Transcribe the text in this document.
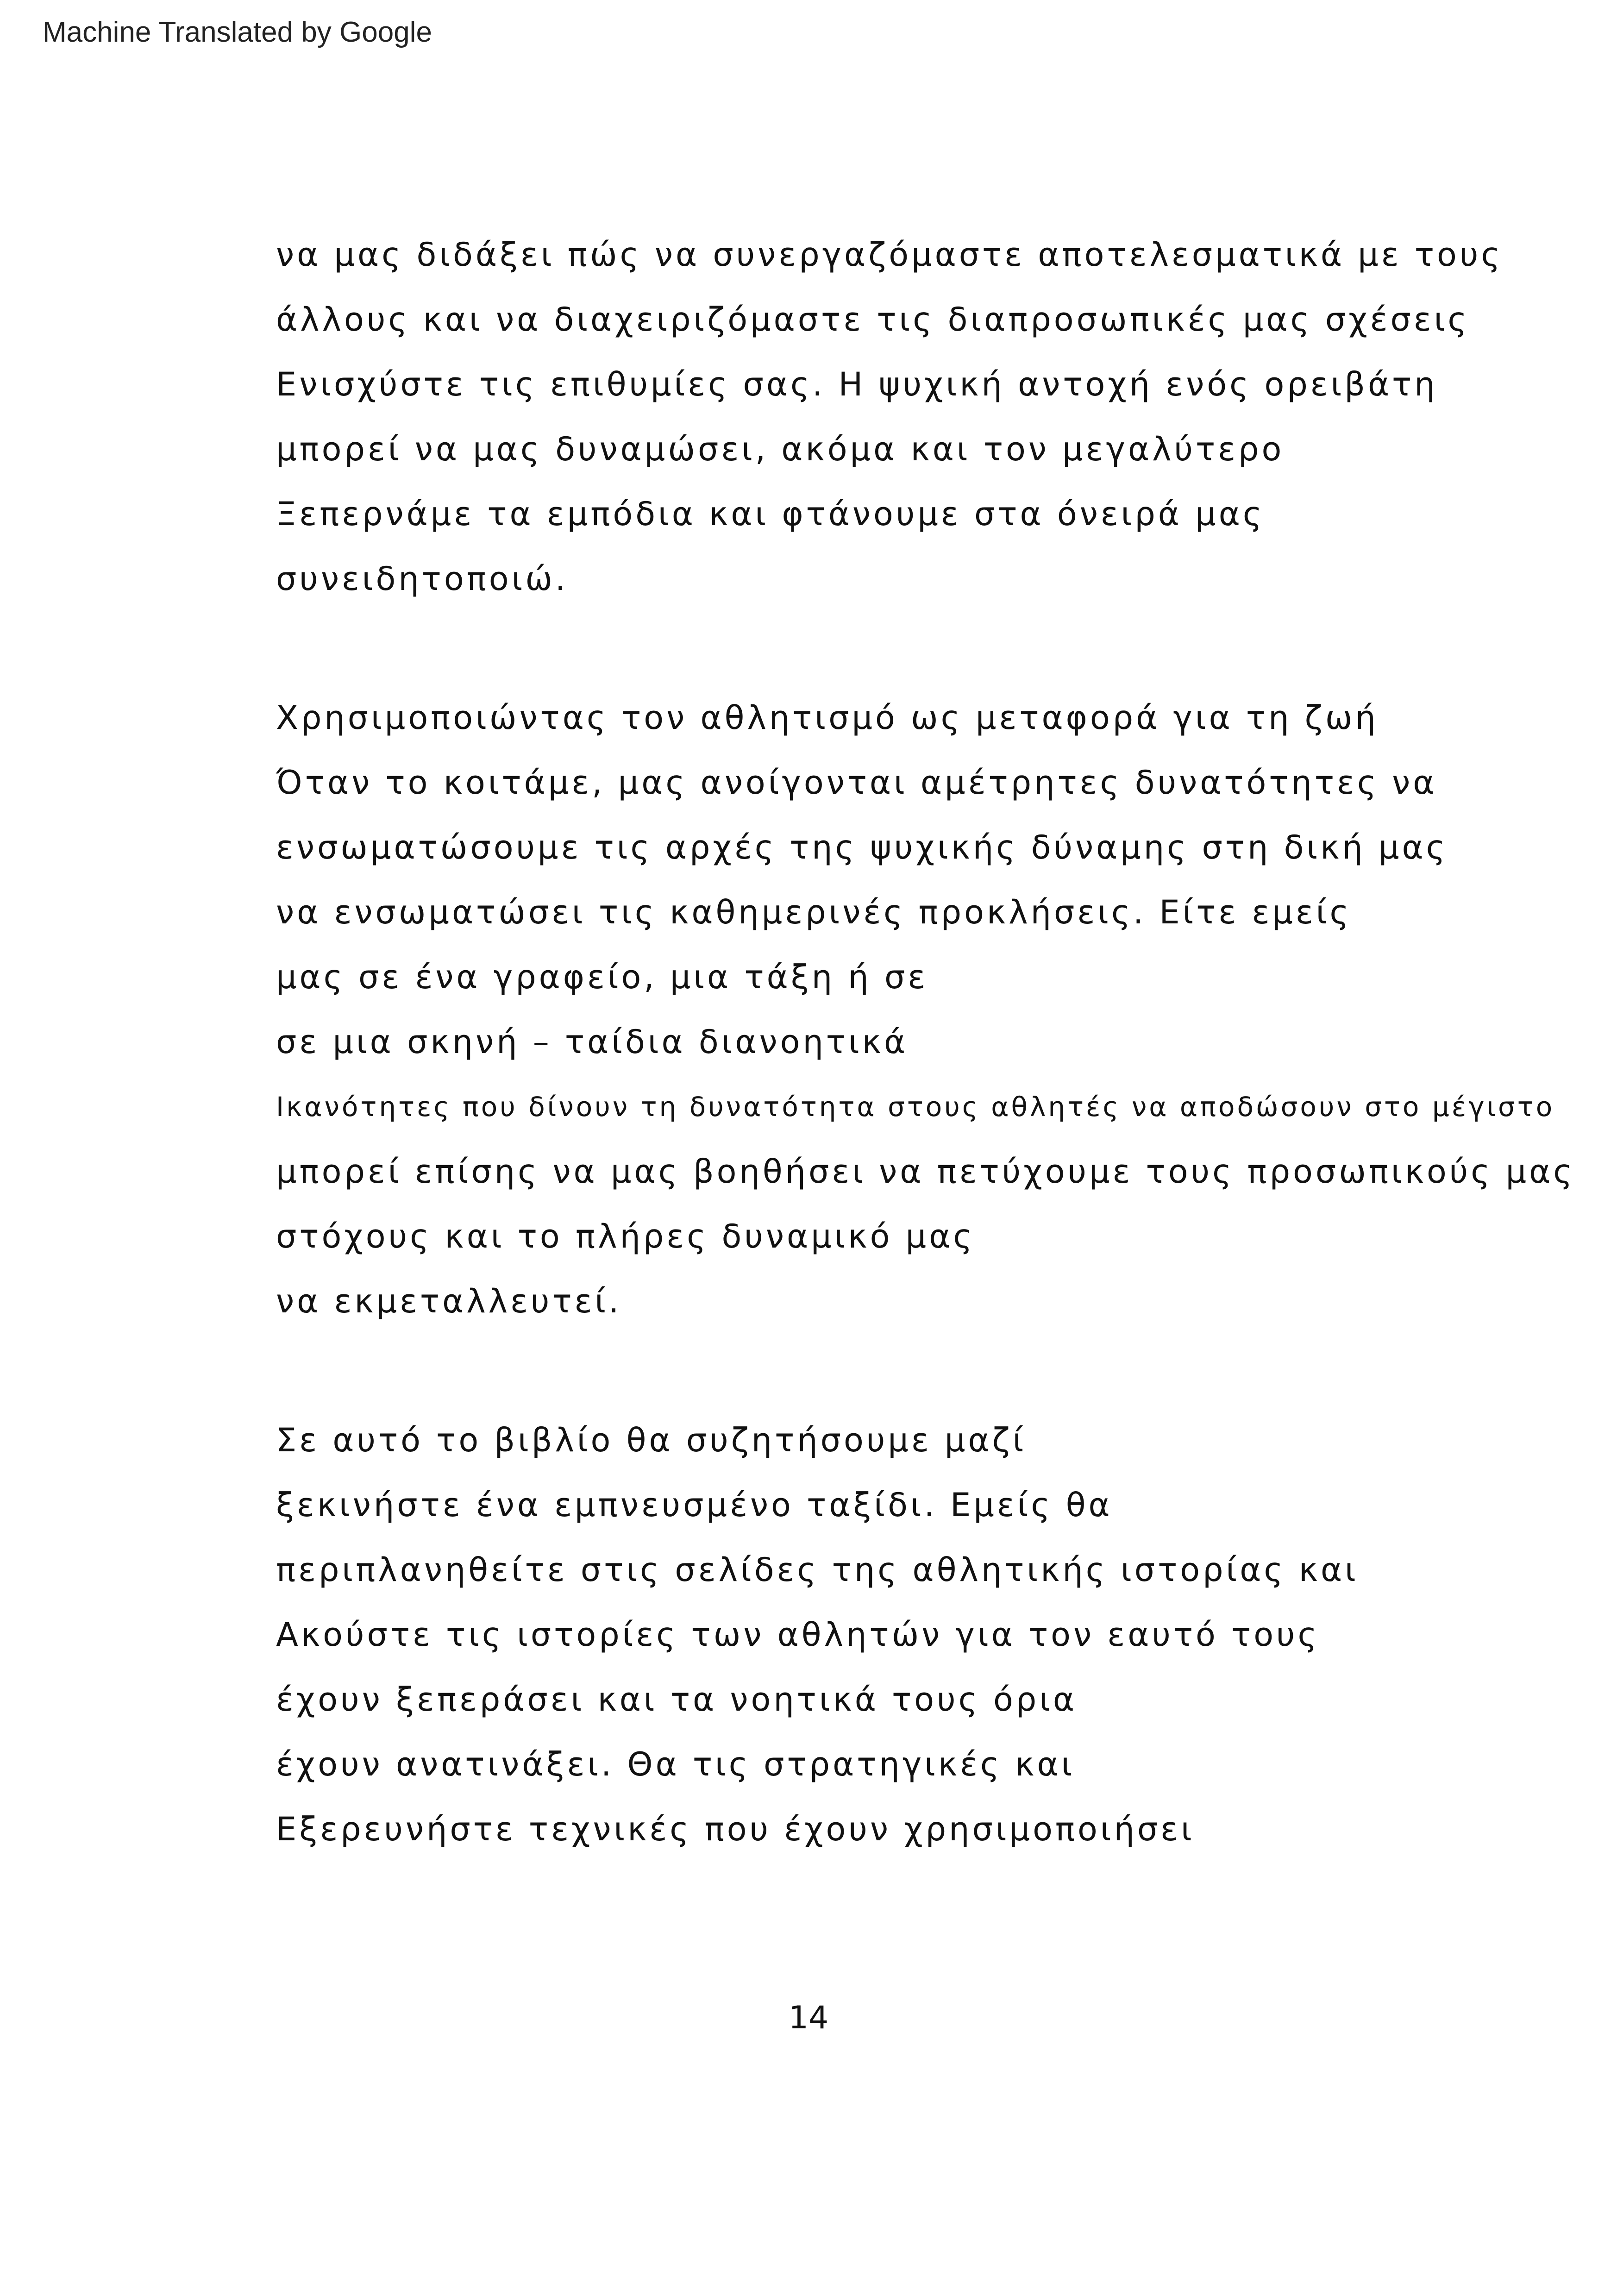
Machine Translated by Google

να μας διδάξει πώς να συνεργαζόμαστε αποτελεσματικά με τους

άλλους και να διαχειριζόμαστε τις διαπροσωπικές μας σχέσεις

Ενισχύστε τις επιθυμίες σας. Η ψυχική αντοχή ενός ορειβάτη

μπορεί να μας δυναμώσει, ακόμα και τον μεγαλύτερο

Ξεπερνάμε τα εμπόδια και φτάνουμε στα όνειρά μας

συνειδητοποιώ.

Χρησιμοποιώντας τον αθλητισμό ως μεταφορά για τη ζωή

Όταν το κοιτάμε, μας ανοίγονται αμέτρητες δυνατότητες να

ενσωματώσουμε τις αρχές της ψυχικής δύναμης στη δική μας

να ενσωματώσει τις καθημερινές προκλήσεις. Είτε εμείς

μας σε ένα γραφείο, μια τάξη ή σε

σε μια σκηνή – ταίδια διανοητικά

Ικανότητες που δίνουν τη δυνατότητα στους αθλητές να αποδώσουν στο μέγιστο

μπορεί επίσης να μας βοηθήσει να πετύχουμε τους προσωπικούς μας

στόχους και το πλήρες δυναμικό μας

να εκμεταλλευτεί.

Σε αυτό το βιβλίο θα συζητήσουμε μαζί

ξεκινήστε ένα εμπνευσμένο ταξίδι. Εμείς θα

περιπλανηθείτε στις σελίδες της αθλητικής ιστορίας και

Ακούστε τις ιστορίες των αθλητών για τον εαυτό τους

έχουν ξεπεράσει και τα νοητικά τους όρια

έχουν ανατινάξει. Θα τις στρατηγικές και

Εξερευνήστε τεχνικές που έχουν χρησιμοποιήσει

14
